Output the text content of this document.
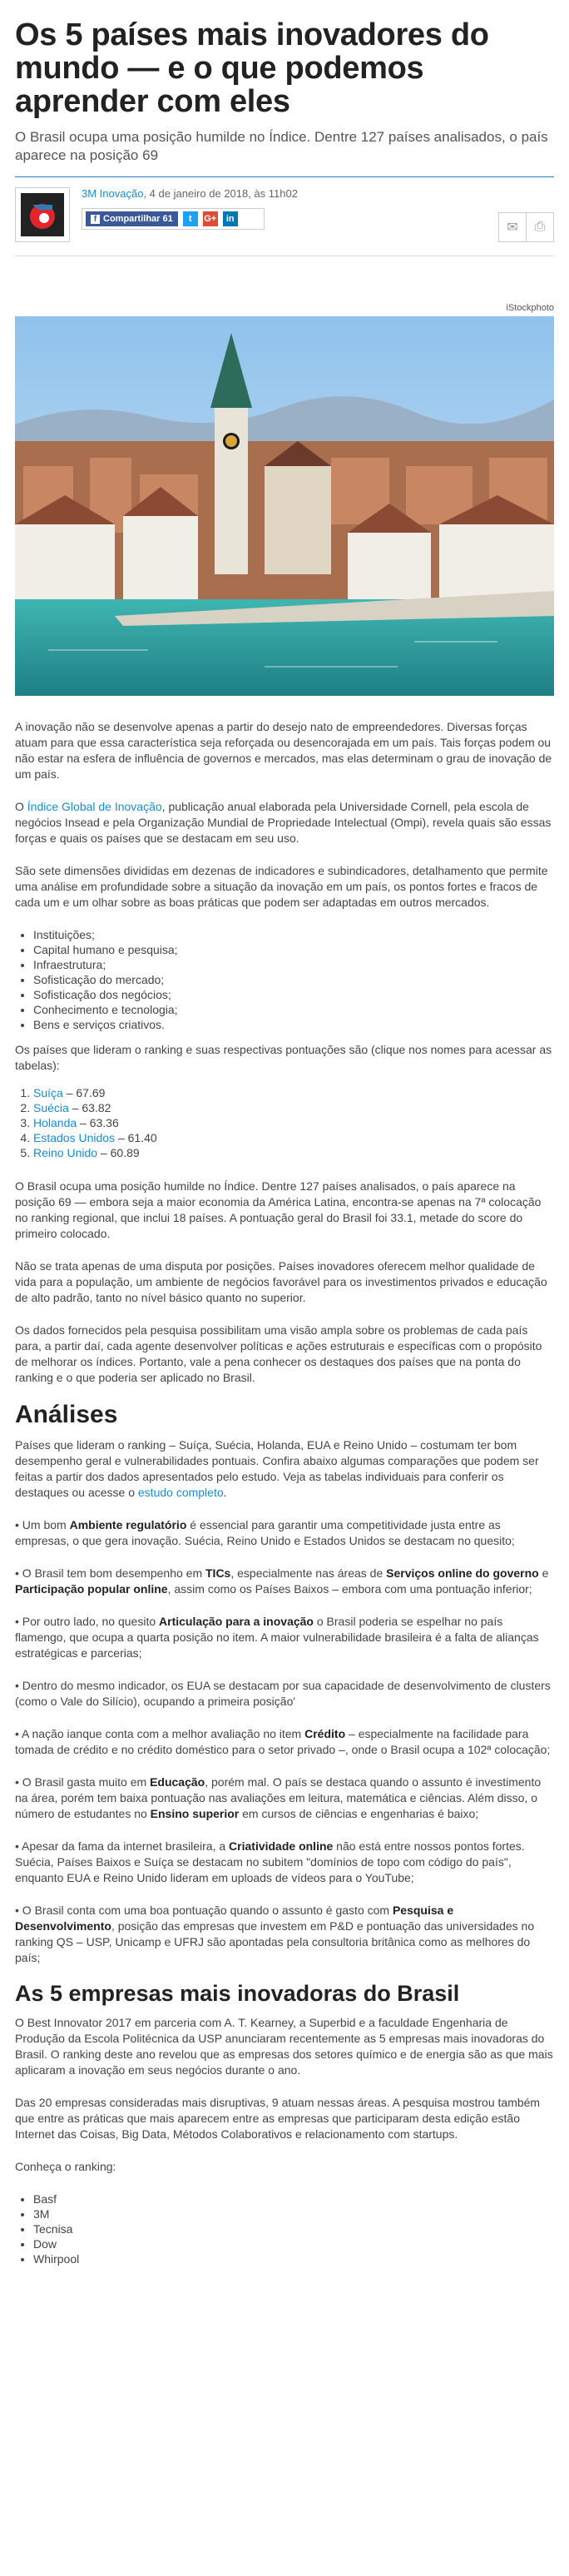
Os 5 países mais inovadores do mundo — e o que podemos aprender com eles
O Brasil ocupa uma posição humilde no Índice. Dentre 127 países analisados, o país aparece na posição 69
3M Inovação, 4 de janeiro de 2018, às 11h02
f Compartilhar 61 t G+ in
✉	⎙
iStockphoto

A inovação não se desenvolve apenas a partir do desejo nato de empreendedores. Diversas forças atuam para que essa característica seja reforçada ou desencorajada em um país. Tais forças podem ou não estar na esfera de influência de governos e mercados, mas elas determinam o grau de inovação de um país.

O Índice Global de Inovação, publicação anual elaborada pela Universidade Cornell, pela escola de negócios Insead e pela Organização Mundial de Propriedade Intelectual (Ompi), revela quais são essas forças e quais os países que se destacam em seu uso.

São sete dimensões divididas em dezenas de indicadores e subindicadores, detalhamento que permite uma análise em profundidade sobre a situação da inovação em um país, os pontos fortes e fracos de cada um e um olhar sobre as boas práticas que podem ser adaptadas em outros mercados.

• Instituições;
• Capital humano e pesquisa;
• Infraestrutura;
• Sofisticação do mercado;
• Sofisticação dos negócios;
• Conhecimento e tecnologia;
• Bens e serviços criativos.

Os países que lideram o ranking e suas respectivas pontuações são (clique nos nomes para acessar as tabelas):

1. Suíça – 67.69
2. Suécia – 63.82
3. Holanda – 63.36
4. Estados Unidos – 61.40
5. Reino Unido – 60.89

O Brasil ocupa uma posição humilde no Índice. Dentre 127 países analisados, o país aparece na posição 69 — embora seja a maior economia da América Latina, encontra-se apenas na 7ª colocação no ranking regional, que inclui 18 países. A pontuação geral do Brasil foi 33.1, metade do score do primeiro colocado.

Não se trata apenas de uma disputa por posições. Países inovadores oferecem melhor qualidade de vida para a população, um ambiente de negócios favorável para os investimentos privados e educação de alto padrão, tanto no nível básico quanto no superior.

Os dados fornecidos pela pesquisa possibilitam uma visão ampla sobre os problemas de cada país para, a partir daí, cada agente desenvolver políticas e ações estruturais e específicas com o propósito de melhorar os índices. Portanto, vale a pena conhecer os destaques dos países que na ponta do ranking e o que poderia ser aplicado no Brasil.

Análises

Países que lideram o ranking – Suíça, Suécia, Holanda, EUA e Reino Unido – costumam ter bom desempenho geral e vulnerabilidades pontuais. Confira abaixo algumas comparações que podem ser feitas a partir dos dados apresentados pelo estudo. Veja as tabelas individuais para conferir os destaques ou acesse o estudo completo.

• Um bom Ambiente regulatório é essencial para garantir uma competitividade justa entre as empresas, o que gera inovação. Suécia, Reino Unido e Estados Unidos se destacam no quesito;

• O Brasil tem bom desempenho em TICs, especialmente nas áreas de Serviços online do governo e Participação popular online, assim como os Países Baixos – embora com uma pontuação inferior;

• Por outro lado, no quesito Articulação para a inovação o Brasil poderia se espelhar no país flamengo, que ocupa a quarta posição no item. A maior vulnerabilidade brasileira é a falta de alianças estratégicas e parcerias;

• Dentro do mesmo indicador, os EUA se destacam por sua capacidade de desenvolvimento de clusters (como o Vale do Silício), ocupando a primeira posição'

• A nação ianque conta com a melhor avaliação no item Crédito – especialmente na facilidade para tomada de crédito e no crédito doméstico para o setor privado –, onde o Brasil ocupa a 102ª colocação;

• O Brasil gasta muito em Educação, porém mal. O país se destaca quando o assunto é investimento na área, porém tem baixa pontuação nas avaliações em leitura, matemática e ciências. Além disso, o número de estudantes no Ensino superior em cursos de ciências e engenharias é baixo;

• Apesar da fama da internet brasileira, a Criatividade online não está entre nossos pontos fortes. Suécia, Países Baixos e Suíça se destacam no subitem "domínios de topo com código do país", enquanto EUA e Reino Unido lideram em uploads de vídeos para o YouTube;

• O Brasil conta com uma boa pontuação quando o assunto é gasto com Pesquisa e Desenvolvimento, posição das empresas que investem em P&D e pontuação das universidades no ranking QS – USP, Unicamp e UFRJ são apontadas pela consultoria britânica como as melhores do país;

As 5 empresas mais inovadoras do Brasil

O Best Innovator 2017 em parceria com A. T. Kearney, a Superbid e a faculdade Engenharia de Produção da Escola Politécnica da USP anunciaram recentemente as 5 empresas mais inovadoras do Brasil. O ranking deste ano revelou que as empresas dos setores químico e de energia são as que mais aplicaram a inovação em seus negócios durante o ano.

Das 20 empresas consideradas mais disruptivas, 9 atuam nessas áreas. A pesquisa mostrou também que entre as práticas que mais aparecem entre as empresas que participaram desta edição estão Internet das Coisas, Big Data, Métodos Colaborativos e relacionamento com startups.

Conheça o ranking:

• Basf
• 3M
• Tecnisa
• Dow
• Whirpool
